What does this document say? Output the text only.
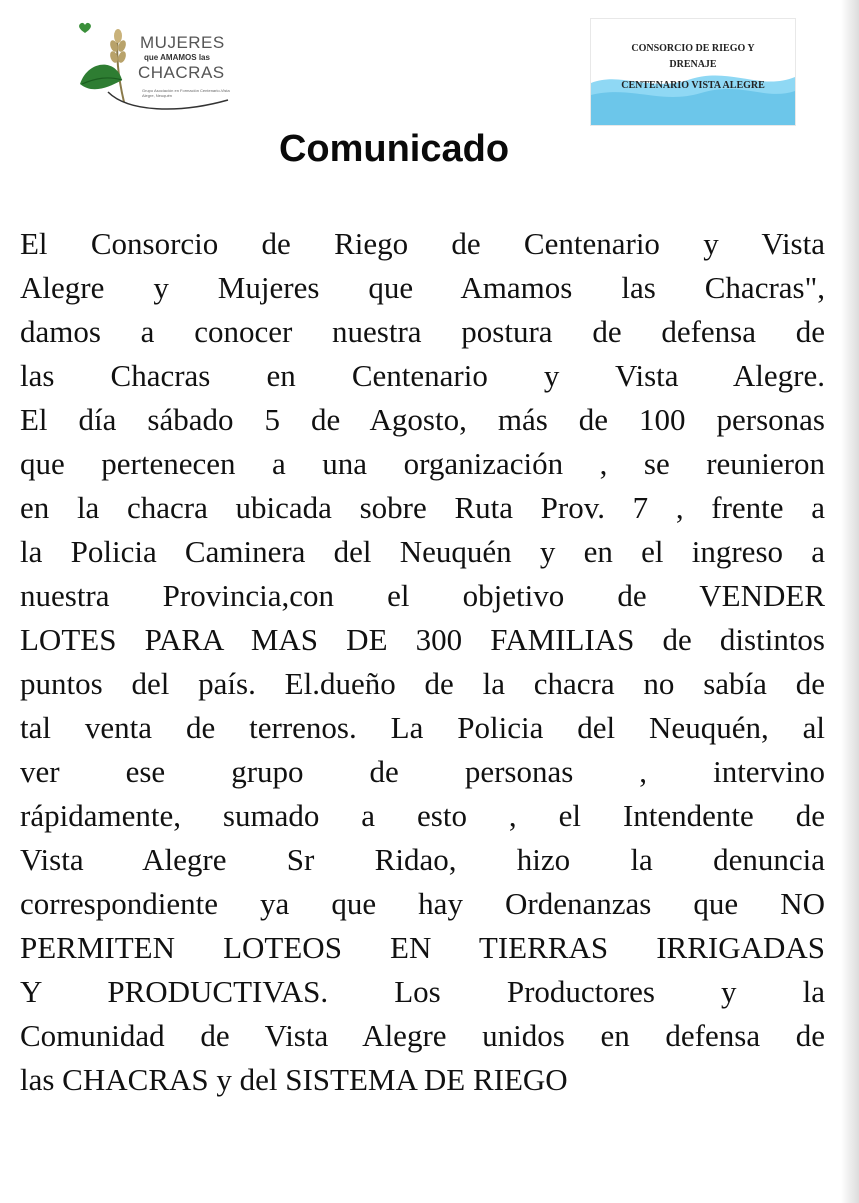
MUJERES
que AMAMOS las
CHACRAS
Grupo Asociación en Formación Centenario-Vista Alegre, Neuquén
CONSORCIO DE RIEGO Y
DRENAJE
CENTENARIO VISTA ALEGRE
Comunicado
El Consorcio de Riego de Centenario y Vista
Alegre y Mujeres que Amamos las Chacras",
damos a conocer nuestra postura de defensa de
las Chacras en Centenario y Vista Alegre.
El día sábado 5 de Agosto, más de 100 personas
que pertenecen a una organización , se reunieron
en la chacra ubicada sobre Ruta Prov. 7 , frente a
la Policia Caminera del Neuquén y en el ingreso a
nuestra Provincia,con el objetivo de VENDER
LOTES PARA MAS DE 300 FAMILIAS de distintos
puntos del país. El.dueño de la chacra no sabía de
tal venta de terrenos. La Policia del Neuquén, al
ver ese grupo de personas , intervino
rápidamente, sumado a esto , el Intendente de
Vista Alegre Sr Ridao, hizo la denuncia
correspondiente ya que hay Ordenanzas que NO
PERMITEN LOTEOS EN TIERRAS IRRIGADAS
Y PRODUCTIVAS. Los Productores y la
Comunidad de Vista Alegre unidos en defensa de
las CHACRAS y del SISTEMA DE RIEGO
